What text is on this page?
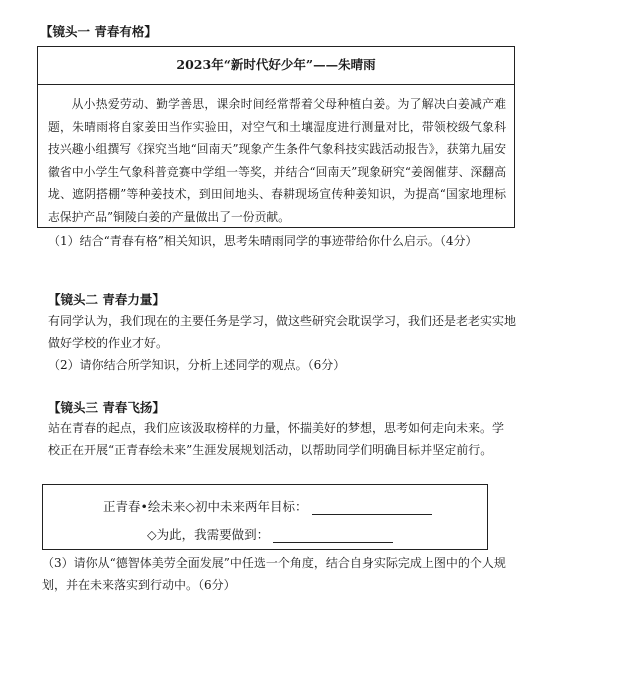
【镜头一 青春有格】
2023年“新时代好少年”——朱晴雨

从小热爱劳动、勤学善思，课余时间经常帮着父母种植白姜。为了解决白姜减产难题，朱晴雨将自家姜田当作实验田，对空气和土壤湿度进行测量对比，带领校级气象科技兴趣小组撰写《探究当地“回南天”现象产生条件气象科技实践活动报告》，获第九届安徽省中小学生气象科普竞赛中学组一等奖，并结合“回南天”现象研究“姜阁催芽、深翻高垅、遮阴搭棚”等种姜技术，到田间地头、春耕现场宣传种姜知识，为提高“国家地理标志保护产品”铜陵白姜的产量做出了一份贡献。

（1）结合“青春有格”相关知识，思考朱晴雨同学的事迹带给你什么启示。（4分）
【镜头二 青春力量】
有同学认为，我们现在的主要任务是学习，做这些研究会耽误学习，我们还是老老实实地做好学校的作业才好。
（2）请你结合所学知识，分析上述同学的观点。（6分）
【镜头三 青春飞扬】
站在青春的起点，我们应该汲取榜样的力量，怀揣美好的梦想，思考如何走向未来。学校正在开展“正青春绘未来”生涯发展规划活动，以帮助同学们明确目标并坚定前行。
正青春•绘未来◇初中未来两年目标：
◇为此，我需要做到：
（3）请你从“德智体美劳全面发展”中任选一个角度，结合自身实际完成上图中的个人规划，并在未来落实到行动中。（6分）
